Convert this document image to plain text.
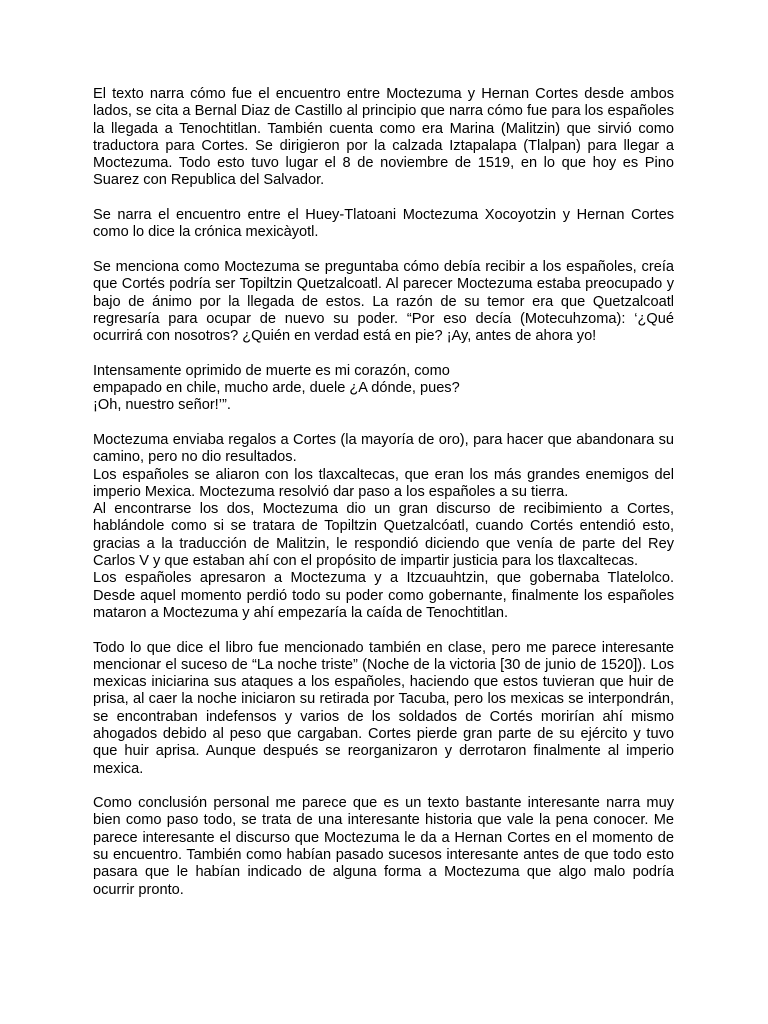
El texto narra cómo fue el encuentro entre Moctezuma y Hernan Cortes desde ambos lados, se cita a Bernal Diaz de Castillo al principio que narra cómo fue para los españoles la llegada a Tenochtitlan. También cuenta como era Marina (Malitzin) que sirvió como traductora para Cortes. Se dirigieron por la calzada Iztapalapa (Tlalpan) para llegar a Moctezuma. Todo esto tuvo lugar el 8 de noviembre de 1519, en lo que hoy es Pino Suarez con Republica del Salvador.

Se narra el encuentro entre el Huey-Tlatoani Moctezuma Xocoyotzin y Hernan Cortes como lo dice la crónica mexicàyotl.

Se menciona como Moctezuma se preguntaba cómo debía recibir a los españoles, creía que Cortés podría ser Topiltzin Quetzalcoatl. Al parecer Moctezuma estaba preocupado y bajo de ánimo por la llegada de estos. La razón de su temor era que Quetzalcoatl regresaría para ocupar de nuevo su poder. “Por eso decía (Motecuhzoma): ‘¿Qué ocurrirá con nosotros? ¿Quién en verdad está en pie? ¡Ay, antes de ahora yo!

Intensamente oprimido de muerte es mi corazón, como
empapado en chile, mucho arde, duele ¿A dónde, pues?
¡Oh, nuestro señor!’”.

Moctezuma enviaba regalos a Cortes (la mayoría de oro), para hacer que abandonara su camino, pero no dio resultados.

Los españoles se aliaron con los tlaxcaltecas, que eran los más grandes enemigos del imperio Mexica. Moctezuma resolvió dar paso a los españoles a su tierra.

Al encontrarse los dos, Moctezuma dio un gran discurso de recibimiento a Cortes, hablándole como si se tratara de Topiltzin Quetzalcóatl, cuando Cortés entendió esto, gracias a la traducción de Malitzin, le respondió diciendo que venía de parte del Rey Carlos V y que estaban ahí con el propósito de impartir justicia para los tlaxcaltecas.

Los españoles apresaron a Moctezuma y a Itzcuauhtzin, que gobernaba Tlatelolco. Desde aquel momento perdió todo su poder como gobernante, finalmente los españoles mataron a Moctezuma y ahí empezaría la caída de Tenochtitlan.

Todo lo que dice el libro fue mencionado también en clase, pero me parece interesante mencionar el suceso de “La noche triste” (Noche de la victoria [30 de junio de 1520]). Los mexicas iniciarina sus ataques a los españoles, haciendo que estos tuvieran que huir de prisa, al caer la noche iniciaron su retirada por Tacuba, pero los mexicas se interpondrán, se encontraban indefensos y varios de los soldados de Cortés morirían ahí mismo ahogados debido al peso que cargaban. Cortes pierde gran parte de su ejército y tuvo que huir aprisa. Aunque después se reorganizaron y derrotaron finalmente al imperio mexica.

Como conclusión personal me parece que es un texto bastante interesante narra muy bien como paso todo, se trata de una interesante historia que vale la pena conocer. Me parece interesante el discurso que Moctezuma le da a Hernan Cortes en el momento de su encuentro. También como habían pasado sucesos interesante antes de que todo esto pasara que le habían indicado de alguna forma a Moctezuma que algo malo podría ocurrir pronto.
